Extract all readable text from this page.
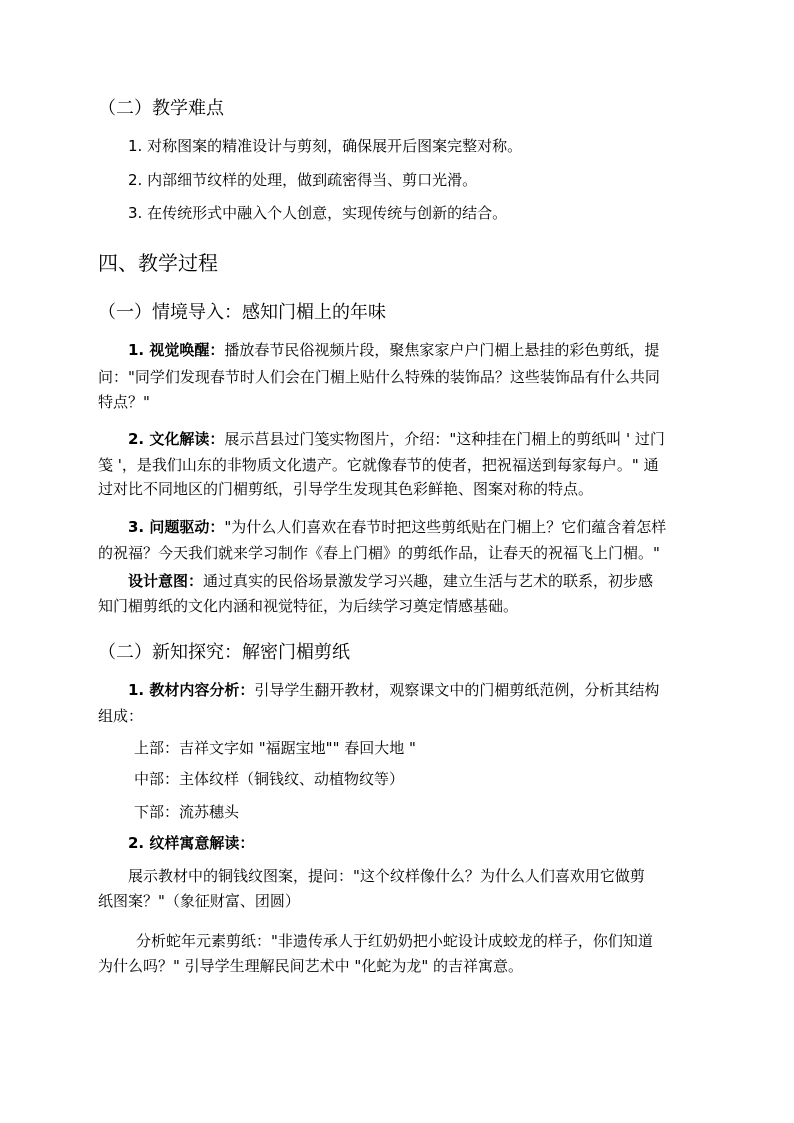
（二）教学难点
1. 对称图案的精准设计与剪刻，确保展开后图案完整对称。
2. 内部细节纹样的处理，做到疏密得当、剪口光滑。
3. 在传统形式中融入个人创意，实现传统与创新的结合。
四、教学过程
（一）情境导入：感知门楣上的年味
1. 视觉唤醒：播放春节民俗视频片段，聚焦家家户户门楣上悬挂的彩色剪纸，提
问："同学们发现春节时人们会在门楣上贴什么特殊的装饰品？这些装饰品有什么共同
特点？"
2. 文化解读：展示莒县过门笺实物图片，介绍："这种挂在门楣上的剪纸叫 ' 过门
笺 '，是我们山东的非物质文化遗产。它就像春节的使者，把祝福送到每家每户。" 通
过对比不同地区的门楣剪纸，引导学生发现其色彩鲜艳、图案对称的特点。
3. 问题驱动："为什么人们喜欢在春节时把这些剪纸贴在门楣上？它们蕴含着怎样
的祝福？今天我们就来学习制作《春上门楣》的剪纸作品，让春天的祝福飞上门楣。"
设计意图：通过真实的民俗场景激发学习兴趣，建立生活与艺术的联系，初步感
知门楣剪纸的文化内涵和视觉特征，为后续学习奠定情感基础。
（二）新知探究：解密门楣剪纸
1. 教材内容分析：引导学生翻开教材，观察课文中的门楣剪纸范例，分析其结构
组成：
上部：吉祥文字如 "福踞宝地"" 春回大地 "
中部：主体纹样（铜钱纹、动植物纹等）
下部：流苏穗头
2. 纹样寓意解读：
展示教材中的铜钱纹图案，提问："这个纹样像什么？为什么人们喜欢用它做剪
纸图案？"（象征财富、团圆）
分析蛇年元素剪纸："非遗传承人于红奶奶把小蛇设计成蛟龙的样子，你们知道
为什么吗？" 引导学生理解民间艺术中 "化蛇为龙" 的吉祥寓意。
